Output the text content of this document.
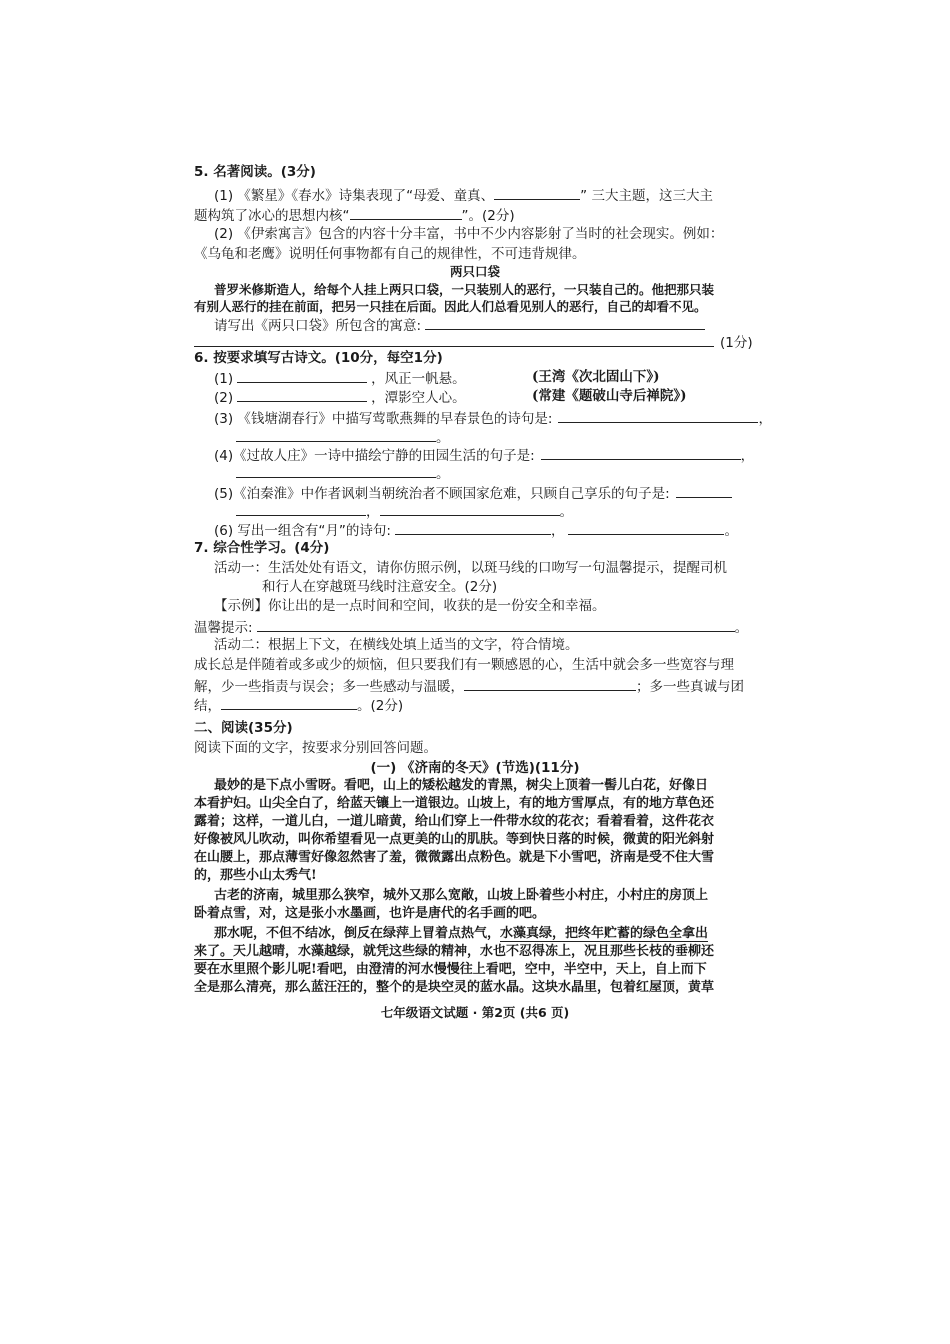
5. 名著阅读。(3分)
(1) 《繁星》《春水》诗集表现了“母爱、童真、	” 三大主题，这三大主
题构筑了冰心的思想内核“	”。(2分)
(2) 《伊索寓言》包含的内容十分丰富，书中不少内容影射了当时的社会现实。例如：
《乌龟和老鹰》说明任何事物都有自己的规律性，不可违背规律。
两只口袋
普罗米修斯造人，给每个人挂上两只口袋，一只装别人的恶行，一只装自己的。他把那只装
有别人恶行的挂在前面，把另一只挂在后面。因此人们总看见别人的恶行，自己的却看不见。
请写出《两只口袋》所包含的寓意:
(1分)
6. 按要求填写古诗文。(10分，每空1分)
(1)	，风正一帆悬。	(王湾《次北固山下》)
(2)	，潭影空人心。	(常建《题破山寺后禅院》)
(3) 《钱塘湖春行》中描写莺歌燕舞的早春景色的诗句是:	，
。
(4)《过故人庄》一诗中描绘宁静的田园生活的句子是:	，
。
(5)《泊秦淮》中作者讽刺当朝统治者不顾国家危难，只顾自己享乐的句子是:
，	。
(6) 写出一组含有“月”的诗句:	，	。
7. 综合性学习。(4分)
活动一：生活处处有语文，请你仿照示例，以斑马线的口吻写一句温馨提示，提醒司机
和行人在穿越斑马线时注意安全。(2分)
【示例】你让出的是一点时间和空间，收获的是一份安全和幸福。
温馨提示:	。
活动二：根据上下文，在横线处填上适当的文字，符合情境。
成长总是伴随着或多或少的烦恼，但只要我们有一颗感恩的心，生活中就会多一些宽容与理
解，少一些指责与误会；多一些感动与温暖，	；多一些真诚与团
结，	。(2分)
二、阅读(35分)
阅读下面的文字，按要求分别回答问题。
(一) 《济南的冬天》(节选)(11分)
最妙的是下点小雪呀。看吧，山上的矮松越发的青黑，树尖上顶着一髻儿白花，好像日
本看护妇。山尖全白了，给蓝天镶上一道银边。山坡上，有的地方雪厚点，有的地方草色还
露着；这样，一道儿白，一道儿暗黄，给山们穿上一件带水纹的花衣；看着看着，这件花衣
好像被风儿吹动，叫你希望看见一点更美的山的肌肤。等到快日落的时候，微黄的阳光斜射
在山腰上，那点薄雪好像忽然害了羞，微微露出点粉色。就是下小雪吧，济南是受不住大雪
的，那些小山太秀气!
古老的济南，城里那么狭窄，城外又那么宽敞，山坡上卧着些小村庄，小村庄的房顶上
卧着点雪，对，这是张小水墨画，也许是唐代的名手画的吧。
那水呢，不但不结冰，倒反在绿萍上冒着点热气，水藻真绿，把终年贮蓄的绿色全拿出
来了。天儿越晴，水藻越绿，就凭这些绿的精神，水也不忍得冻上，况且那些长枝的垂柳还
要在水里照个影儿呢!看吧，由澄清的河水慢慢往上看吧，空中，半空中，天上，自上而下
全是那么清亮，那么蓝汪汪的，整个的是块空灵的蓝水晶。这块水晶里，包着红屋顶，黄草
七年级语文试题 · 第2页 (共6 页)
